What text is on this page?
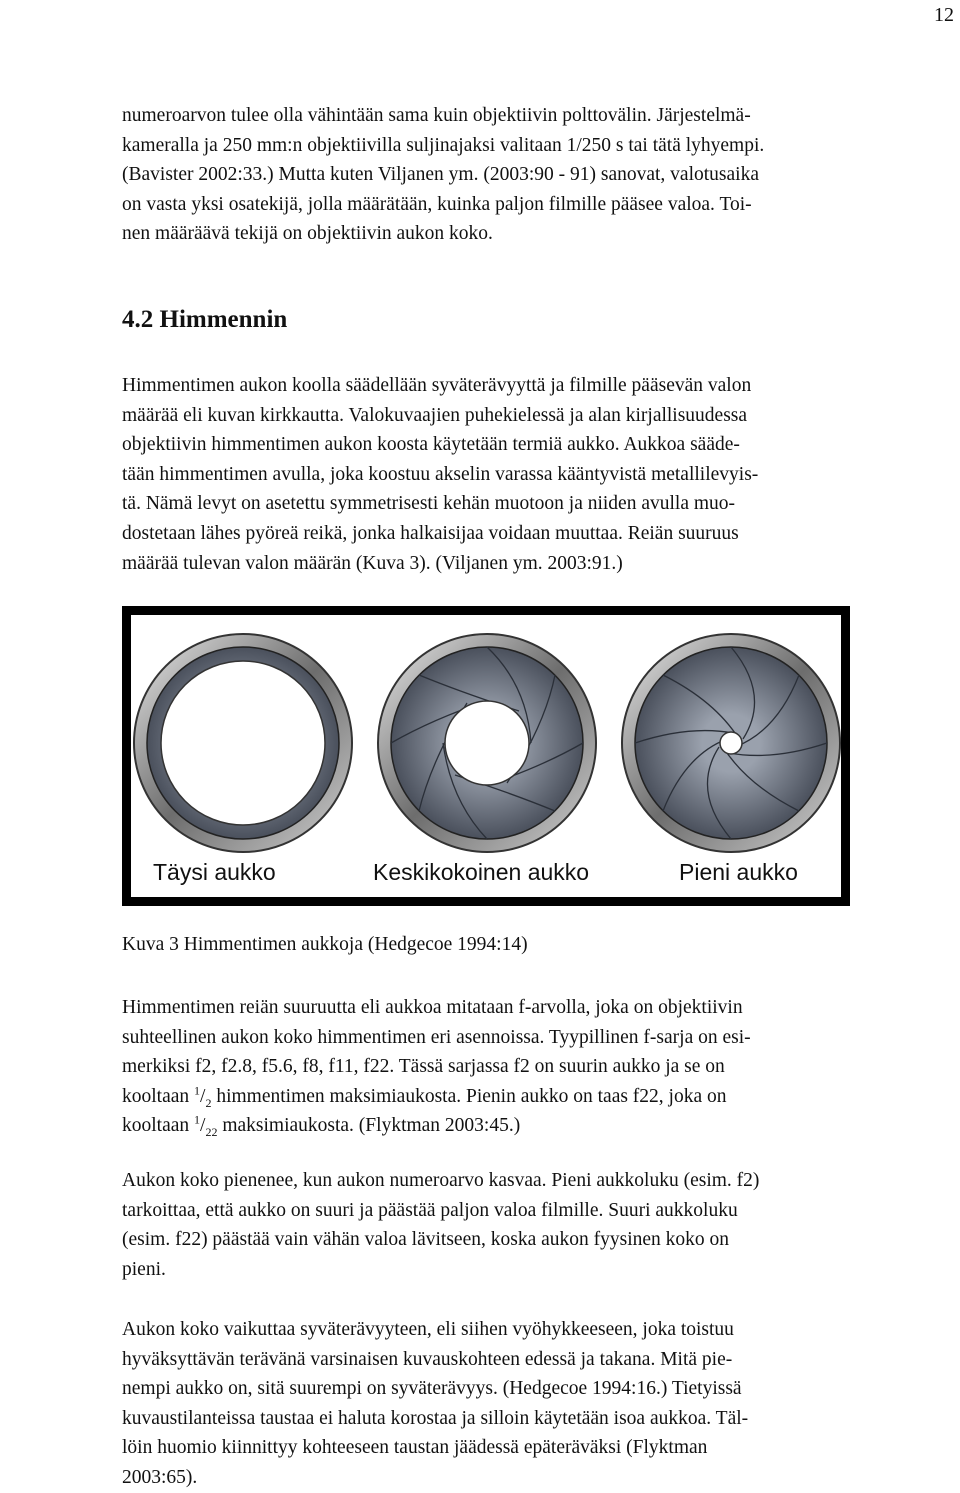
12
numeroarvon tulee olla vähintään sama kuin objektiivin polttovälin. Järjestelmä-
kameralla ja 250 mm:n objektiivilla suljinajaksi valitaan 1/250 s tai tätä lyhyempi.
(Bavister 2002:33.) Mutta kuten Viljanen ym. (2003:90 - 91) sanovat, valotusaika
on vasta yksi osatekijä, jolla määrätään, kuinka paljon filmille pääsee valoa. Toi-
nen määräävä tekijä on objektiivin aukon koko.
4.2 Himmennin
Himmentimen aukon koolla säädellään syväterävyyttä ja filmille pääsevän valon
määrää eli kuvan kirkkautta. Valokuvaajien puhekielessä ja alan kirjallisuudessa
objektiivin himmentimen aukon koosta käytetään termiä aukko. Aukkoa säädе-
tään himmentimen avulla, joka koostuu akselin varassa kääntyvistä metallilevyis-
tä. Nämä levyt on asetettu symmetrisesti kehän muotoon ja niiden avulla muo-
dostetaan lähes pyöreä reikä, jonka halkaisijaa voidaan muuttaa. Reiän suuruus
määrää tulevan valon määrän (Kuva 3). (Viljanen ym. 2003:91.)
Täysi aukko	Keskikokoinen aukko	Pieni aukko
Kuva 3 Himmentimen aukkoja (Hedgecoe 1994:14)
Himmentimen reiän suuruutta eli aukkoa mitataan f-arvolla, joka on objektiivin
suhteellinen aukon koko himmentimen eri asennoissa. Tyypillinen f-sarja on esi-
merkiksi f2, f2.8, f5.6, f8, f11, f22. Tässä sarjassa f2 on suurin aukko ja se on
kooltaan $^1/_2$ himmentimen maksimiaukosta. Pienin aukko on taas f22, joka on
kooltaan $^1/_{22}$ maksimiaukosta. (Flyktman 2003:45.)
Aukon koko pienenee, kun aukon numeroarvo kasvaa. Pieni aukkoluku (esim. f2)
tarkoittaa, että aukko on suuri ja päästää paljon valoa filmille. Suuri aukkoluku
(esim. f22) päästää vain vähän valoa lävitseen, koska aukon fyysinen koko on
pieni.
Aukon koko vaikuttaa syväterävyyteen, eli siihen vyöhykkeeseen, joka toistuu
hyväksyttävän terävänä varsinaisen kuvauskohteen edessä ja takana. Mitä pie-
nempi aukko on, sitä suurempi on syväterävyys. (Hedgecoe 1994:16.) Tietyissä
kuvaustilanteissa taustaa ei haluta korostaa ja silloin käytetään isoa aukkoa. Täl-
löin huomio kiinnittyy kohteeseen taustan jäädessä epäteräväksi (Flyktman
2003:65).
